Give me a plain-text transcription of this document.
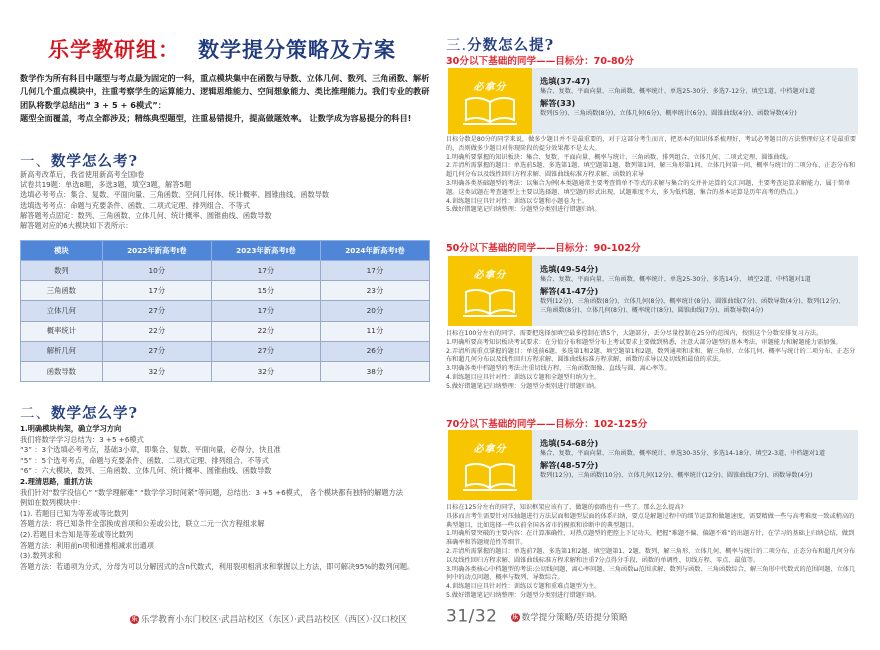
乐学教研组： 数学提分策略及方案
数学作为所有科目中题型与考点最为固定的一科，重点模块集中在函数与导数、立体几何、数列、三角函数、解析几何几个重点模块中，注重考察学生的运算能力、逻辑思维能力、空间想象能力、类比推理能力。我们专业的教研团队将数学总结出“ 3 + 5 + 6模式”：
题型全面覆盖，考点全都涉及；精练典型题型，注重易错提升，提高做题效率。 让数学成为容易提分的科目!
一、数学怎么考?
新高考改革后，我省使用新高考全国I卷
试卷共19题：单选8题，多选3题，填空3题，解答5题
选填必考考点：集合、复数、平面向量、三角函数、空间几何体、统计概率、圆锥曲线、函数导数
选填选考考点：命题与充要条件、函数、二项式定理、排列组合、不等式
解答题考点固定：数列、三角函数、立体几何、统计概率、圆锥曲线、函数导数
解答题对应的6大模块如下表所示：
模块	2022年新高考I卷	2023年新高考I卷	2024年新高考I卷
数列	10分	17分	17分
三角函数	17分	15分	23分
立体几何	27分	17分	20分
概率统计	22分	22分	11分
解析几何	27分	27分	26分
函数导数	32分	32分	38分
二、数学怎么学?
1.明确模块构架，确立学习方向
我们将数学学习总结为：3 +5 +6模式
“3” ：3个选填必考考点，基础3小章，即集合、复数、平面向量，必得分，快且准
“5” ：5个选考考点，命题与充要条件、函数、二项式定理、排列组合、不等式
“6” ：六大模块，数列、三角函数、立体几何、统计概率、圆锥曲线、函数导数
2.理清思路，重抓方法
我们针对“数学没信心” “数学理解难” “数学学习时间紧”等问题，总结出：3 +5 +6模式， 各个模块都有独特的解题方法
例如在数列模块中：
(1). 若题目已知为等差或等比数列
答题方法：将已知条件全部换成首项和公差或公比，联立二元一次方程组求解
(2).若题目未告知是等差或等比数列
答题方法：利用前n项和递推相减求出通项
(3).数列求和
答题方法：若通项为分式，分母为可以分解因式的含n代数式，利用裂项相消求和掌握以上方法，即可解决95%的数列问题。
乐 乐学教育小东门校区·武昌站校区（东区）·武昌站校区（西区）·汉口校区
三.分数怎么提?
30分以下基础的同学——目标分：70-80分
必拿分
选填(37-47)
集合、复数、平面向量、三角函数、概率统计、单选25-30分、多选7-12分、填空1道、中档题对1道
解答(33)
数列(5分)、三角函数(8分)、立体几何(6分)、概率统计(6分)、圆锥曲线(4分)、函数导数(4分)
目标分数是80分的同学来说，做多少题目并不是最重要的，对于这部分考生而言，把基本的知识体系梳理好，考试必考题目的方法整理好这才是最重要的，否则做多少题目对你现阶段的提分效果都不是太大。
1.明确所要掌握的知识板块：集合、复数、平面向量、概率与统计、三角函数、排列组合、立体几何、二项式定理、圆锥曲线。
2.弄清所需掌握的题目：单选前5题、多选第1题、填空题第1题、数列第1问、解三角形第1问、立体几何第一问、概率与统计的二项分布、正态分布和超几何分布以及线性回归方程求解、圆锥曲线标准方程求解、函数的求导
3.明确各类基础题型的考法：以集合为例(本类题通常主要考查简单不等式的求解与集合的交并补运算的交汇问题，主要考查运算求解能力，属于简单题。这类试题在考查题型上主要以选择题、填空题的形式出现，试题难度不大，多为低档题，集合的基本运算是历年高考的热点。)
4.训练题目应具针对性：训练以专题和小题卷为主。
5.做好错题笔记归纳整理：分题型分类别进行错题归纳。
50分以下基础的同学——目标分：90-102分
必拿分
选填(49-54分)
集合、复数、平面向量、三角函数、概率统计、单选25-30分、多选14分、 填空2道、中档题对1道
解答(41-47分)
数列(12分)、三角函数(8分)、立体几何(8分)、概率统计(8分)、圆锥曲线(7分)、函数导数(4分)、数列(12分)、三角函数(8分)、立体几何(8分)、概率统计(8分)、圆锥曲线(7分)、函数导数(4分)
目标在100分左右的同学，需要把选择加填空最多控制在错5个，大题部分，丢分尽量控制在25分的范围内，按照这个分数安排复习方法。
1.明确所要高考知识板块考试要求：在分值分布和题型分布上考试要求上要做到熟悉，注意大部分题型的基本考法，审题能力和解题能力需加强。
2.弄清所需重点掌握的题目：单选前6题、多选第1和2题、填空题第1和2题、数列通项和求和、解三角形、立体几何、概率与统计的二项分布、正态分布和超几何分布以及线性回归方程求解、圆锥曲线标准方程求解、函数的求导以及切线和最值的求法。
3.明确各类中档题型的考法:注重切线方程、三角函数图像、直线与圆、离心率等。
4.训练题目应具针对性：训练以专题和全题型归纳为主。
5.做好错题笔记归纳整理：分题型分类别进行错题归纳。
70分以下基础的同学——目标分：102-125分
必拿分
选填(54-68分)
集合、复数、平面向量、三角函数、概率统计、单选30-35分、多选14-18分、填空2-3道、中档题对1道
解答(48-57分)
数列(12分)、三角函数(10分)、立体几何(12分)、概率统计(12分)、圆锥曲线(7分)、函数导数(4分)
目标在125分左右的同学，知识框架应该有了，做题的套路也有一些了。那么怎么提高?
具体而言考生需要针对压轴题进行方法层面和题型层面的体系归纳，要点是解题过程中的细节运算和做题速度，需要精做一些与高考难度一致或稍高的典型题目，比如选择一些以前全国各省市的模拟和诊断中的典型题目。
1.明确所要突破的主要内容：在计算准确性、对热点题型的把控上下足功夫，把握“难题不偏、偏题不难”的出题方针，在学习的基础上归纳总结，做到准确率和答题规范性等细节。
2.弄清所需掌握的题目：单选前7题、多选第1和2题、填空题第1、2题、数列、解三角形、立体几何、概率与统计的二项分布、正态分布和超几何分布以及线性回归方程求解、圆锥曲线标准方程求解和注重7分点得分手段、函数的单调性、切线方程、零点、最值等。
3.明确各类核心中档题型的考法:公切线问题、离心率问题、三角函数ω范围求解、数列与函数、三角函数综合、解三角形中代数式的范围问题、立体几何中的动点问题、概率与数列、导数综合。
4.训练题目应具针对性：训练以专题和重难点题型为主。
5.做好错题笔记归纳整理：分题型分类别进行错题归纳。
31/32 乐 数学提分策略/英语提分策略
